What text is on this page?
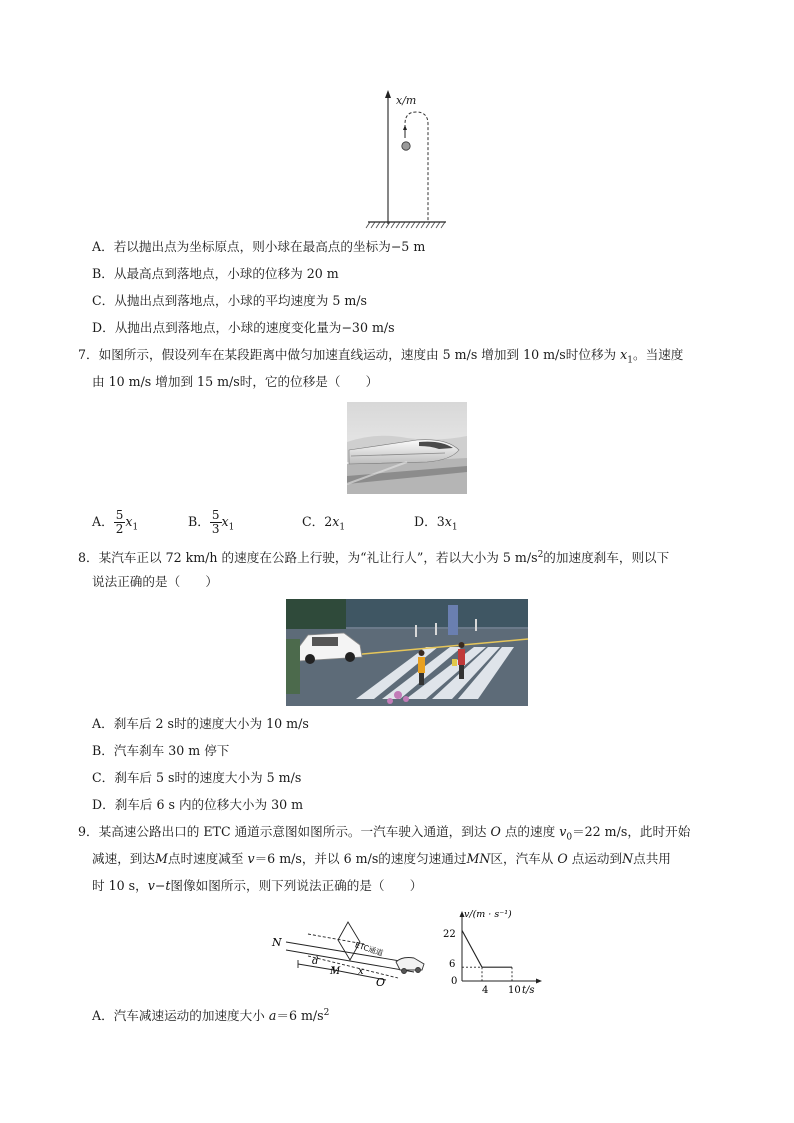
x/m
A．若以抛出点为坐标原点，则小球在最高点的坐标为−5 m
B．从最高点到落地点，小球的位移为 20 m
C．从抛出点到落地点，小球的平均速度为 5 m/s
D．从抛出点到落地点，小球的速度变化量为−30 m/s
7．如图所示，假设列车在某段距离中做匀加速直线运动，速度由 5 m/s 增加到 10 m/s时位移为 $x_1$。当速度
由 10 m/s 增加到 15 m/s时，它的位移是（　　）
A． $\frac{5}{2} x_1$	B． $\frac{5}{3} x_1$	C．$2x_1$	D．$3x_1$
8．某汽车正以 72 km/h 的速度在公路上行驶，为“礼让行人”，若以大小为 5 $m/s^2$的加速度刹车，则以下
说法正确的是（　　）
A．刹车后 2 s时的速度大小为 10 m/s
B．汽车刹车 30 m 停下
C．刹车后 5 s时的速度大小为 5 m/s
D．刹车后 6 s 内的位移大小为 30 m
9．某高速公路出口的 ETC 通道示意图如图所示。一汽车驶入通道，到达 O 点的速度 $v_0=22$ m/s，此时开始
减速，到达M点时速度减至 v＝6 m/s，并以 6 m/s的速度匀速通过MN区，汽车从 O 点运动到N点共用
时 10 s，v−t图像如图所示，则下列说法正确的是（　　）
N
d
M x
O
ETC通道
v/(m · s⁻¹)
22
6
0
4 10 t/s
A．汽车减速运动的加速度大小 a＝6 $m/s^2$
